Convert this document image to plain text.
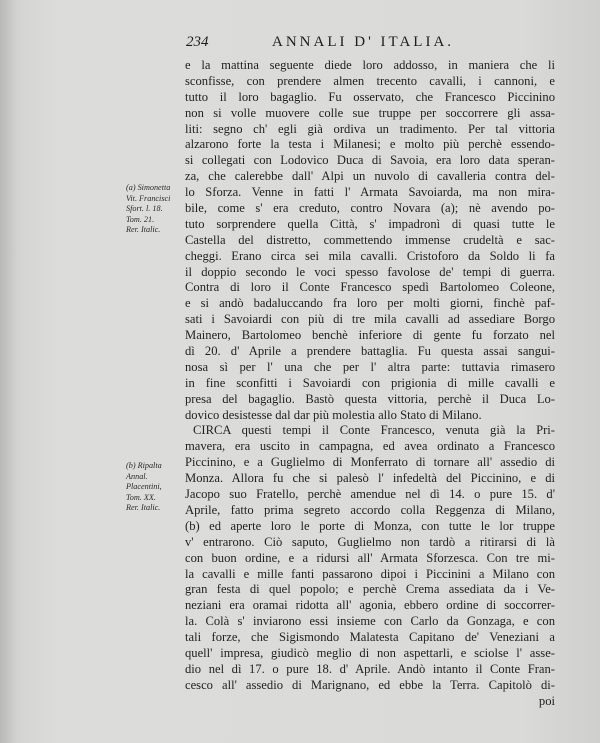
234	ANNALI D' ITALIA.
e la mattina seguente diede loro addosso, in maniera che li
sconfisse, con prendere almen trecento cavalli, i cannoni, e
tutto il loro bagaglio. Fu osservato, che Francesco Piccinino
non si volle muovere colle sue truppe per soccorrere gli assa-
liti: segno ch' egli già ordiva un tradimento. Per tal vittoria
alzarono forte la testa i Milanesi; e molto più perchè essendo-
si collegati con Lodovico Duca di Savoia, era loro data speran-
za, che calerebbe dall' Alpi un nuvolo di cavalleria contra del-
lo Sforza. Venne in fatti l' Armata Savoiarda, ma non mira-
bile, come s' era creduto, contro Novara (a); nè avendo po-
tuto sorprendere quella Città, s' impadronì di quasi tutte le
Castella del distretto, commettendo immense crudeltà e sac-
cheggi. Erano circa sei mila cavalli. Cristoforo da Soldo li fa
il doppio secondo le voci spesso favolose de' tempi di guerra.
Contra di loro il Conte Francesco spedì Bartolomeo Coleone,
e si andò badaluccando fra loro per molti giorni, finchè paf-
sati i Savoiardi con più di tre mila cavalli ad assediare Borgo
Mainero, Bartolomeo benchè inferiore di gente fu forzato nel
dì 20. d' Aprile a prendere battaglia. Fu questa assai sangui-
nosa sì per l' una che per l' altra parte: tuttavia rimasero
in fine sconfitti i Savoiardi con prigionia di mille cavalli e
presa del bagaglio. Bastò questa vittoria, perchè il Duca Lo-
dovico desistesse dal dar più molestia allo Stato di Milano.
CIRCA questi tempi il Conte Francesco, venuta già la Pri-
mavera, era uscito in campagna, ed avea ordinato a Francesco
Piccinino, e a Guglielmo di Monferrato di tornare all' assedio di
Monza. Allora fu che si palesò l' infedeltà del Piccinino, e di
Jacopo suo Fratello, perchè amendue nel dì 14. o pure 15. d'
Aprile, fatto prima segreto accordo colla Reggenza di Milano,
(b) ed aperte loro le porte di Monza, con tutte le lor truppe
v' entrarono. Ciò saputo, Guglielmo non tardò a ritirarsi di là
con buon ordine, e a ridursi all' Armata Sforzesca. Con tre mi-
la cavalli e mille fanti passarono dipoi i Piccinini a Milano con
gran festa di quel popolo; e perchè Crema assediata da i Ve-
neziani era oramai ridotta all' agonia, ebbero ordine di soccorrer-
la. Colà s' inviarono essi insieme con Carlo da Gonzaga, e con
tali forze, che Sigismondo Malatesta Capitano de' Veneziani a
quell' impresa, giudicò meglio di non aspettarli, e sciolse l' asse-
dio nel dì 17. o pure 18. d' Aprile. Andò intanto il Conte Fran-
cesco all' assedio di Marignano, ed ebbe la Terra. Capitolò di-
poi
(a) Simonetta
Vit. Francisci
Sfort. l. 18.
Tom. 21.
Rer. Italic.
(b) Ripalta
Annal.
Placentini,
Tom. XX.
Rer. Italic.
